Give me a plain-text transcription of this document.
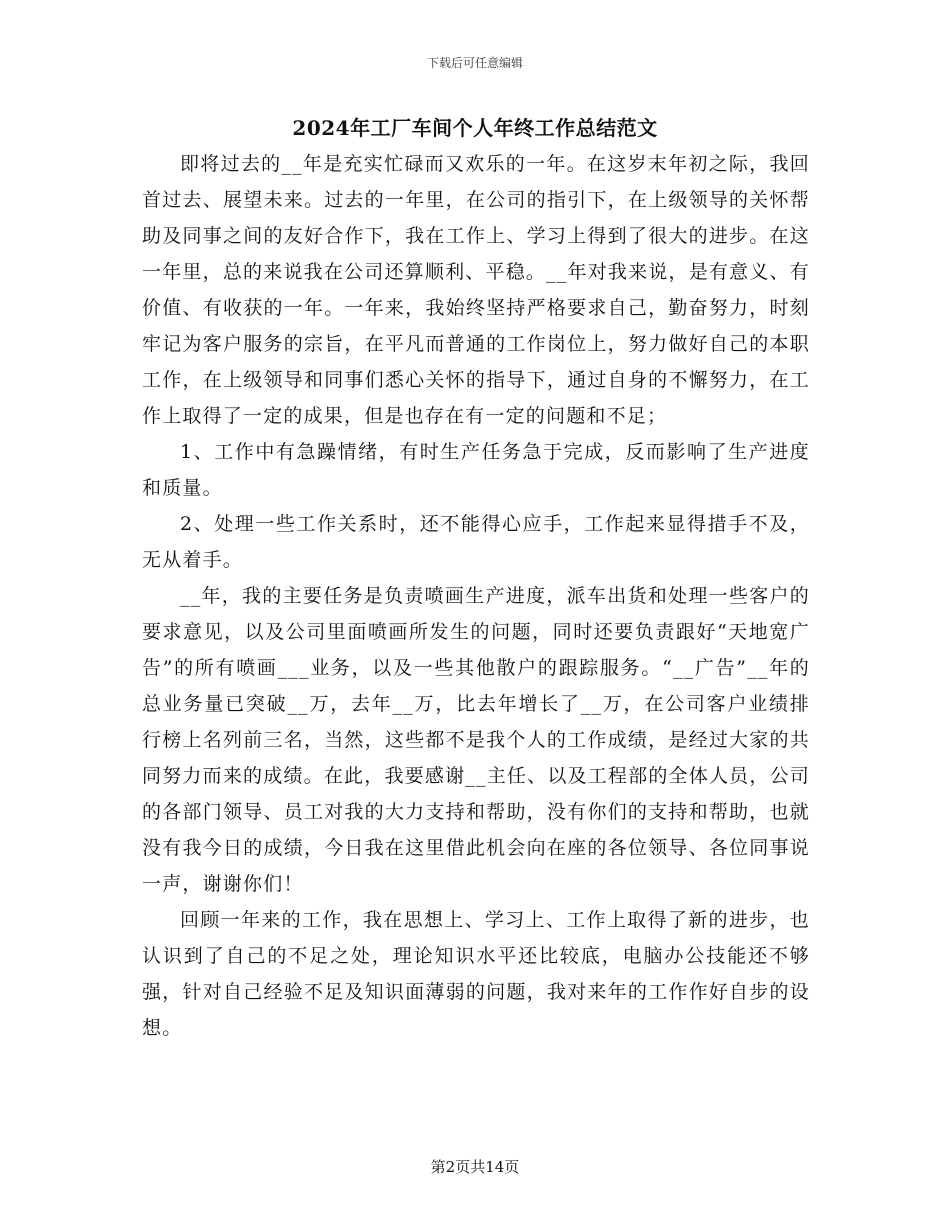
下载后可任意编辑
2024年工厂车间个人年终工作总结范文

即将过去的__年是充实忙碌而又欢乐的一年。在这岁末年初之际，我回首过去、展望未来。过去的一年里，在公司的指引下，在上级领导的关怀帮助及同事之间的友好合作下，我在工作上、学习上得到了很大的进步。在这一年里，总的来说我在公司还算顺利、平稳。__年对我来说，是有意义、有价值、有收获的一年。一年来，我始终坚持严格要求自己，勤奋努力，时刻牢记为客户服务的宗旨，在平凡而普通的工作岗位上，努力做好自己的本职工作，在上级领导和同事们悉心关怀的指导下，通过自身的不懈努力，在工作上取得了一定的成果，但是也存在有一定的问题和不足；

1、工作中有急躁情绪，有时生产任务急于完成，反而影响了生产进度和质量。

2、处理一些工作关系时，还不能得心应手，工作起来显得措手不及，无从着手。

__年，我的主要任务是负责喷画生产进度，派车出货和处理一些客户的要求意见，以及公司里面喷画所发生的问题，同时还要负责跟好“天地宽广告”的所有喷画___业务，以及一些其他散户的跟踪服务。“__广告”__年的总业务量已突破__万，去年__万，比去年增长了__万，在公司客户业绩排行榜上名列前三名，当然，这些都不是我个人的工作成绩，是经过大家的共同努力而来的成绩。在此，我要感谢__主任、以及工程部的全体人员，公司的各部门领导、员工对我的大力支持和帮助，没有你们的支持和帮助，也就没有我今日的成绩，今日我在这里借此机会向在座的各位领导、各位同事说一声，谢谢你们！

回顾一年来的工作，我在思想上、学习上、工作上取得了新的进步，也认识到了自己的不足之处，理论知识水平还比较底，电脑办公技能还不够强，针对自己经验不足及知识面薄弱的问题，我对来年的工作作好自步的设想。

第2页共14页
